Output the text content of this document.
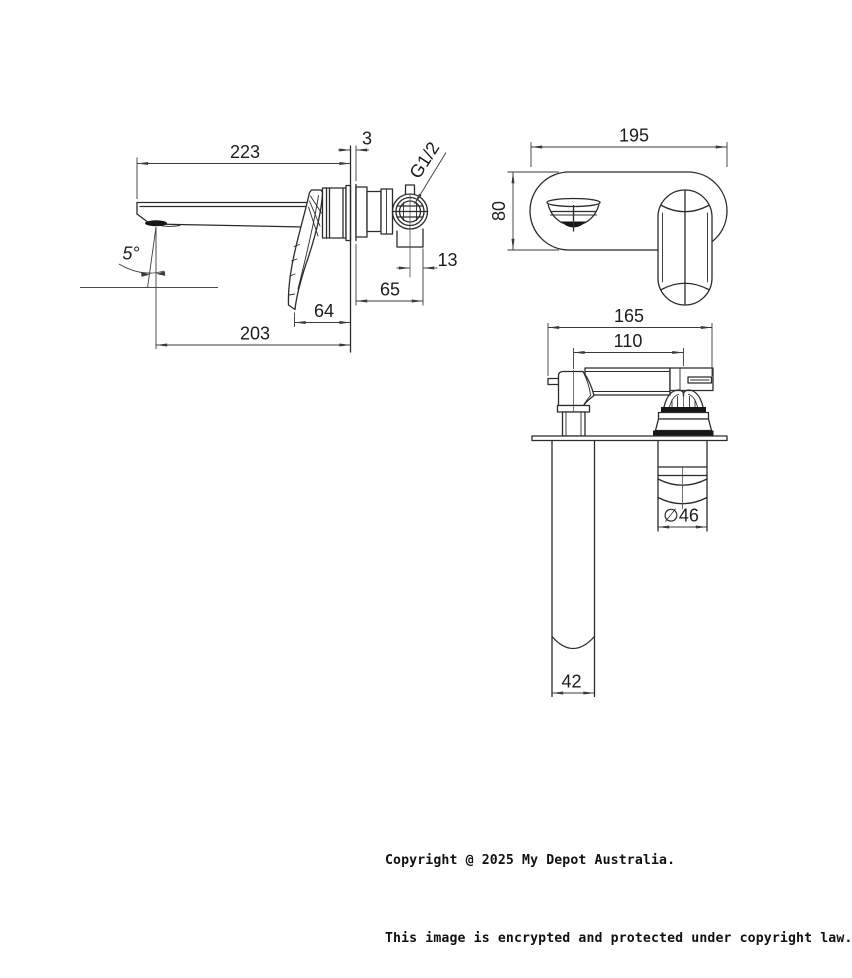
G1/2
223
3
13
65
64
203
5°
195
80
165
110
∅46
42

Copyright @ 2025 My Depot Australia.

This image is encrypted and protected under copyright law.
